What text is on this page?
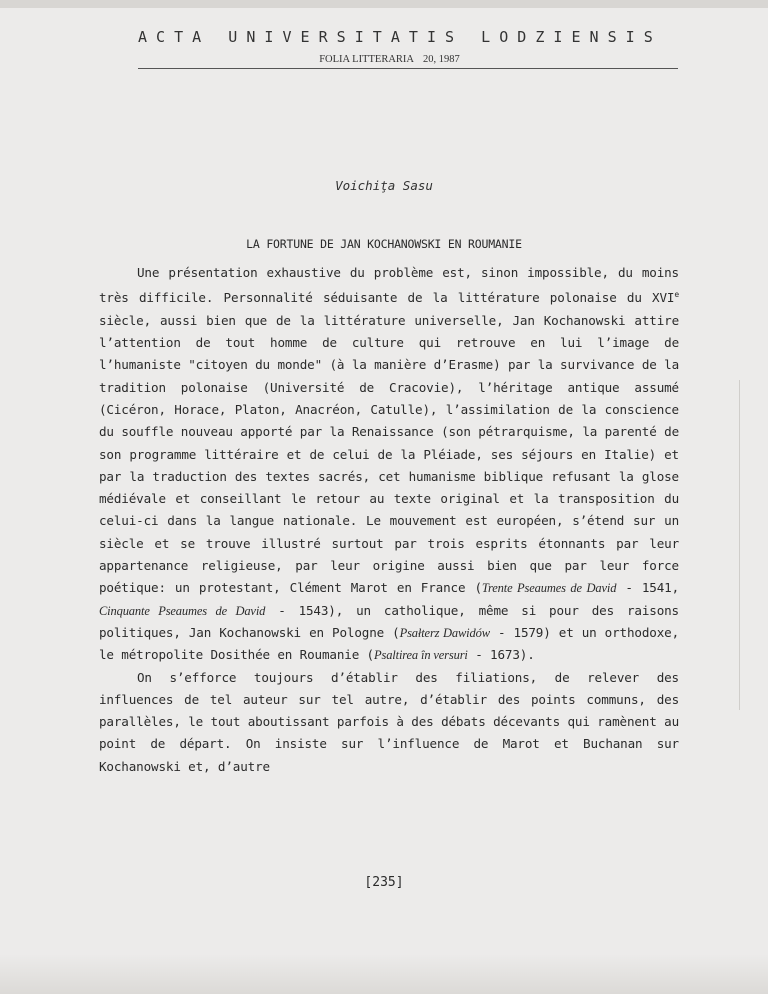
A C T A   U N I V E R S I T A T I S   L O D Z I E N S I S
FOLIA LITTERARIA 20, 1987
Voichiţa Sasu
LA FORTUNE DE JAN KOCHANOWSKI EN ROUMANIE

Une présentation exhaustive du problème est, sinon impossible, du moins très difficile. Personnalité séduisante de la littérature polonaise du XVIe siècle, aussi bien que de la littérature universelle, Jan Kochanowski attire l’attention de tout homme de culture qui retrouve en lui l’image de l’humaniste "citoyen du monde" (à la manière d’Erasme) par la survivance de la tradition polonaise (Université de Cracovie), l’héritage antique assumé (Cicéron, Horace, Platon, Anacréon, Catulle), l’assimilation de la conscience du souffle nouveau apporté par la Renaissance (son pétrarquisme, la parenté de son programme littéraire et de celui de la Pléiade, ses séjours en Italie) et par la traduction des textes sacrés, cet humanisme biblique refusant la glose médiévale et conseillant le retour au texte original et la transposition du celui-ci dans la langue nationale. Le mouvement est européen, s’étend sur un siècle et se trouve illustré surtout par trois esprits étonnants par leur appartenance religieuse, par leur origine aussi bien que par leur force poétique: un protestant, Clément Marot en France (Trente Pseaumes de David - 1541, Cinquante Pseaumes de David - 1543), un catholique, même si pour des raisons politiques, Jan Kochanowski en Pologne (Psałterz Dawidów - 1579) et un orthodoxe, le métropolite Dosithée en Roumanie (Psaltirea în versuri - 1673).

On s’efforce toujours d’établir des filiations, de relever des influences de tel auteur sur tel autre, d’établir des points communs, des parallèles, le tout aboutissant parfois à des débats décevants qui ramènent au point de départ. On insiste sur l’influence de Marot et Buchanan sur Kochanowski et, d’autre

[235]
